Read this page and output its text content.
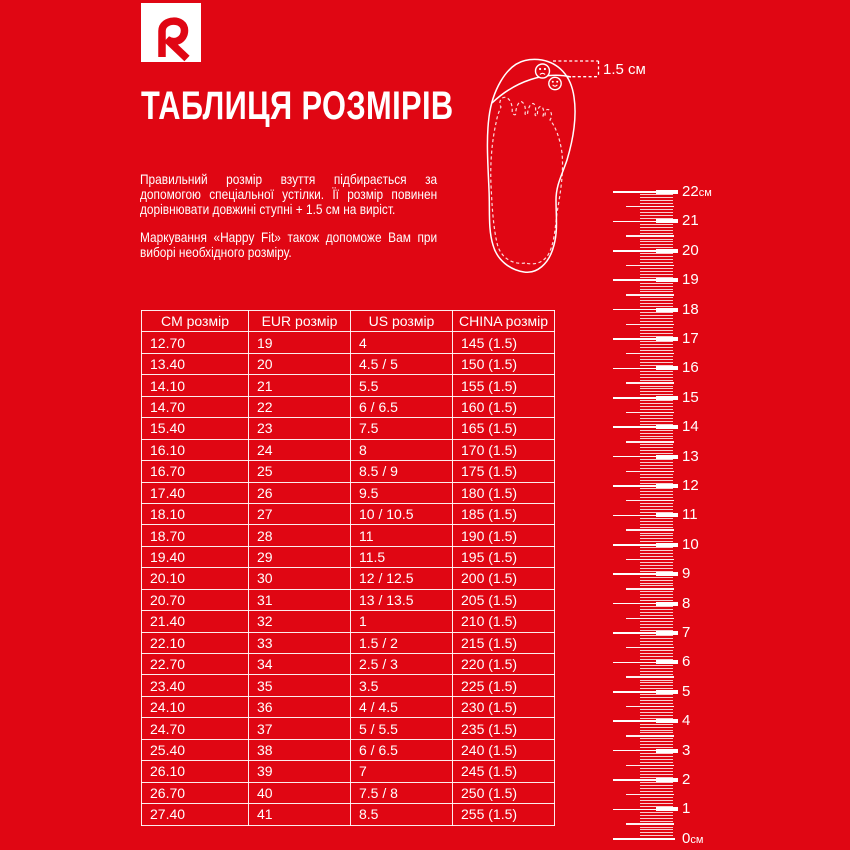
ТАБЛИЦЯ РОЗМІРІВ
Правильний розмір взуття підбирається за
допомогою спеціальної устілки. Її розмір повинен
дорівнювати довжині ступні + 1.5 см на виріст.
Маркування «Happy Fit» також допоможе Вам при
виборі необхідного розміру.
1.5 см
CM розмір	EUR розмір	US розмір	CHINA розмір
12.70	19	4	145 (1.5)
13.40	20	4.5 / 5	150 (1.5)
14.10	21	5.5	155 (1.5)
14.70	22	6 / 6.5	160 (1.5)
15.40	23	7.5	165 (1.5)
16.10	24	8	170 (1.5)
16.70	25	8.5 / 9	175 (1.5)
17.40	26	9.5	180 (1.5)
18.10	27	10 / 10.5	185 (1.5)
18.70	28	11	190 (1.5)
19.40	29	11.5	195 (1.5)
20.10	30	12 / 12.5	200 (1.5)
20.70	31	13 / 13.5	205 (1.5)
21.40	32	1	210 (1.5)
22.10	33	1.5 / 2	215 (1.5)
22.70	34	2.5 / 3	220 (1.5)
23.40	35	3.5	225 (1.5)
24.10	36	4 / 4.5	230 (1.5)
24.70	37	5 / 5.5	235 (1.5)
25.40	38	6 / 6.5	240 (1.5)
26.10	39	7	245 (1.5)
26.70	40	7.5 / 8	250 (1.5)
27.40	41	8.5	255 (1.5)
22см
21
20
19
18
17
16
15
14
13
12
11
10
9
8
7
6
5
4
3
2
1
0см
